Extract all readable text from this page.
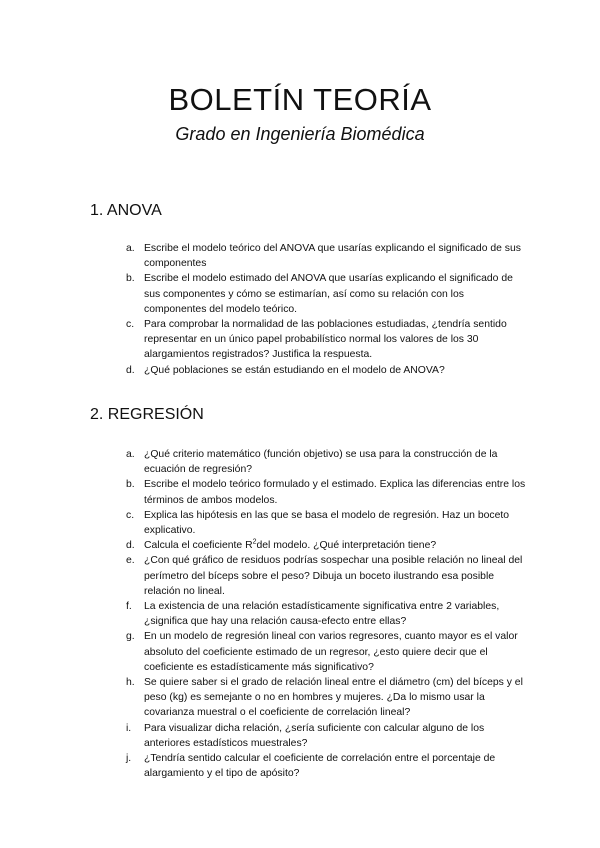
BOLETÍN TEORÍA
Grado en Ingeniería Biomédica
1. ANOVA
a. Escribe el modelo teórico del ANOVA que usarías explicando el significado de sus componentes
b. Escribe el modelo estimado del ANOVA que usarías explicando el significado de sus componentes y cómo se estimarían, así como su relación con los componentes del modelo teórico.
c. Para comprobar la normalidad de las poblaciones estudiadas, ¿tendría sentido representar en un único papel probabilístico normal los valores de los 30 alargamientos registrados? Justifica la respuesta.
d. ¿Qué poblaciones se están estudiando en el modelo de ANOVA?
2. REGRESIÓN
a. ¿Qué criterio matemático (función objetivo) se usa para la construcción de la ecuación de regresión?
b. Escribe el modelo teórico formulado y el estimado. Explica las diferencias entre los términos de ambos modelos.
c. Explica las hipótesis en las que se basa el modelo de regresión. Haz un boceto explicativo.
d. Calcula el coeficiente $R^2del$ modelo. ¿Qué interpretación tiene?
e. ¿Con qué gráfico de residuos podrías sospechar una posible relación no lineal del perímetro del bíceps sobre el peso? Dibuja un boceto ilustrando esa posible relación no lineal.
f. La existencia de una relación estadísticamente significativa entre 2 variables, ¿significa que hay una relación causa-efecto entre ellas?
g. En un modelo de regresión lineal con varios regresores, cuanto mayor es el valor absoluto del coeficiente estimado de un regresor, ¿esto quiere decir que el coeficiente es estadísticamente más significativo?
h. Se quiere saber si el grado de relación lineal entre el diámetro (cm) del bíceps y el peso (kg) es semejante o no en hombres y mujeres. ¿Da lo mismo usar la covarianza muestral o el coeficiente de correlación lineal?
i. Para visualizar dicha relación, ¿sería suficiente con calcular alguno de los anteriores estadísticos muestrales?
j. ¿Tendría sentido calcular el coeficiente de correlación entre el porcentaje de alargamiento y el tipo de apósito?
